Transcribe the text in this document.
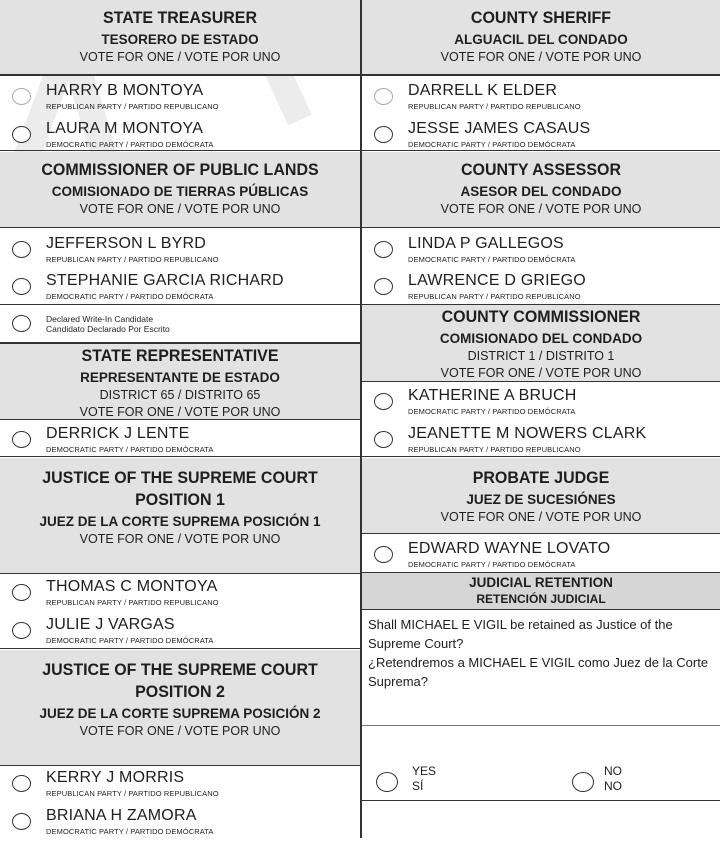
STATE TREASURER
TESORERO DE ESTADO
VOTE FOR ONE / VOTE POR UNO
HARRY B MONTOYA
REPUBLICAN PARTY / PARTIDO REPUBLICANO
LAURA M MONTOYA
DEMOCRATIC PARTY / PARTIDO DEMÓCRATA
COMMISSIONER OF PUBLIC LANDS
COMISIONADO DE TIERRAS PÚBLICAS
VOTE FOR ONE / VOTE POR UNO
JEFFERSON L BYRD
REPUBLICAN PARTY / PARTIDO REPUBLICANO
STEPHANIE GARCIA RICHARD
DEMOCRATIC PARTY / PARTIDO DEMÓCRATA
Declared Write-In Candidate
Candidato Declarado Por Escrito
STATE REPRESENTATIVE
REPRESENTANTE DE ESTADO
DISTRICT 65 / DISTRITO 65
VOTE FOR ONE / VOTE POR UNO
DERRICK J LENTE
DEMOCRATIC PARTY / PARTIDO DEMÓCRATA
JUSTICE OF THE SUPREME COURT
POSITION 1
JUEZ DE LA CORTE SUPREMA POSICIÓN 1
VOTE FOR ONE / VOTE POR UNO
THOMAS C MONTOYA
REPUBLICAN PARTY / PARTIDO REPUBLICANO
JULIE J VARGAS
DEMOCRATIC PARTY / PARTIDO DEMÓCRATA
JUSTICE OF THE SUPREME COURT
POSITION 2
JUEZ DE LA CORTE SUPREMA POSICIÓN 2
VOTE FOR ONE / VOTE POR UNO
KERRY J MORRIS
REPUBLICAN PARTY / PARTIDO REPUBLICANO
BRIANA H ZAMORA
DEMOCRATIC PARTY / PARTIDO DEMÓCRATA
COUNTY SHERIFF
ALGUACIL DEL CONDADO
VOTE FOR ONE / VOTE POR UNO
DARRELL K ELDER
REPUBLICAN PARTY / PARTIDO REPUBLICANO
JESSE JAMES CASAUS
DEMOCRATIC PARTY / PARTIDO DEMÓCRATA
COUNTY ASSESSOR
ASESOR DEL CONDADO
VOTE FOR ONE / VOTE POR UNO
LINDA P GALLEGOS
DEMOCRATIC PARTY / PARTIDO DEMÓCRATA
LAWRENCE D GRIEGO
REPUBLICAN PARTY / PARTIDO REPUBLICANO
COUNTY COMMISSIONER
COMISIONADO DEL CONDADO
DISTRICT 1 / DISTRITO 1
VOTE FOR ONE / VOTE POR UNO
KATHERINE A BRUCH
DEMOCRATIC PARTY / PARTIDO DEMÓCRATA
JEANETTE M NOWERS CLARK
REPUBLICAN PARTY / PARTIDO REPUBLICANO
PROBATE JUDGE
JUEZ DE SUCESIÓNES
VOTE FOR ONE / VOTE POR UNO
EDWARD WAYNE LOVATO
DEMOCRATIC PARTY / PARTIDO DEMÓCRATA
JUDICIAL RETENTION
RETENCIÓN JUDICIAL
Shall MICHAEL E VIGIL be retained as Justice of the Supreme Court?
¿Retendremos a MICHAEL E VIGIL como Juez de la Corte Suprema?
YES
SÍ
NO
NO
